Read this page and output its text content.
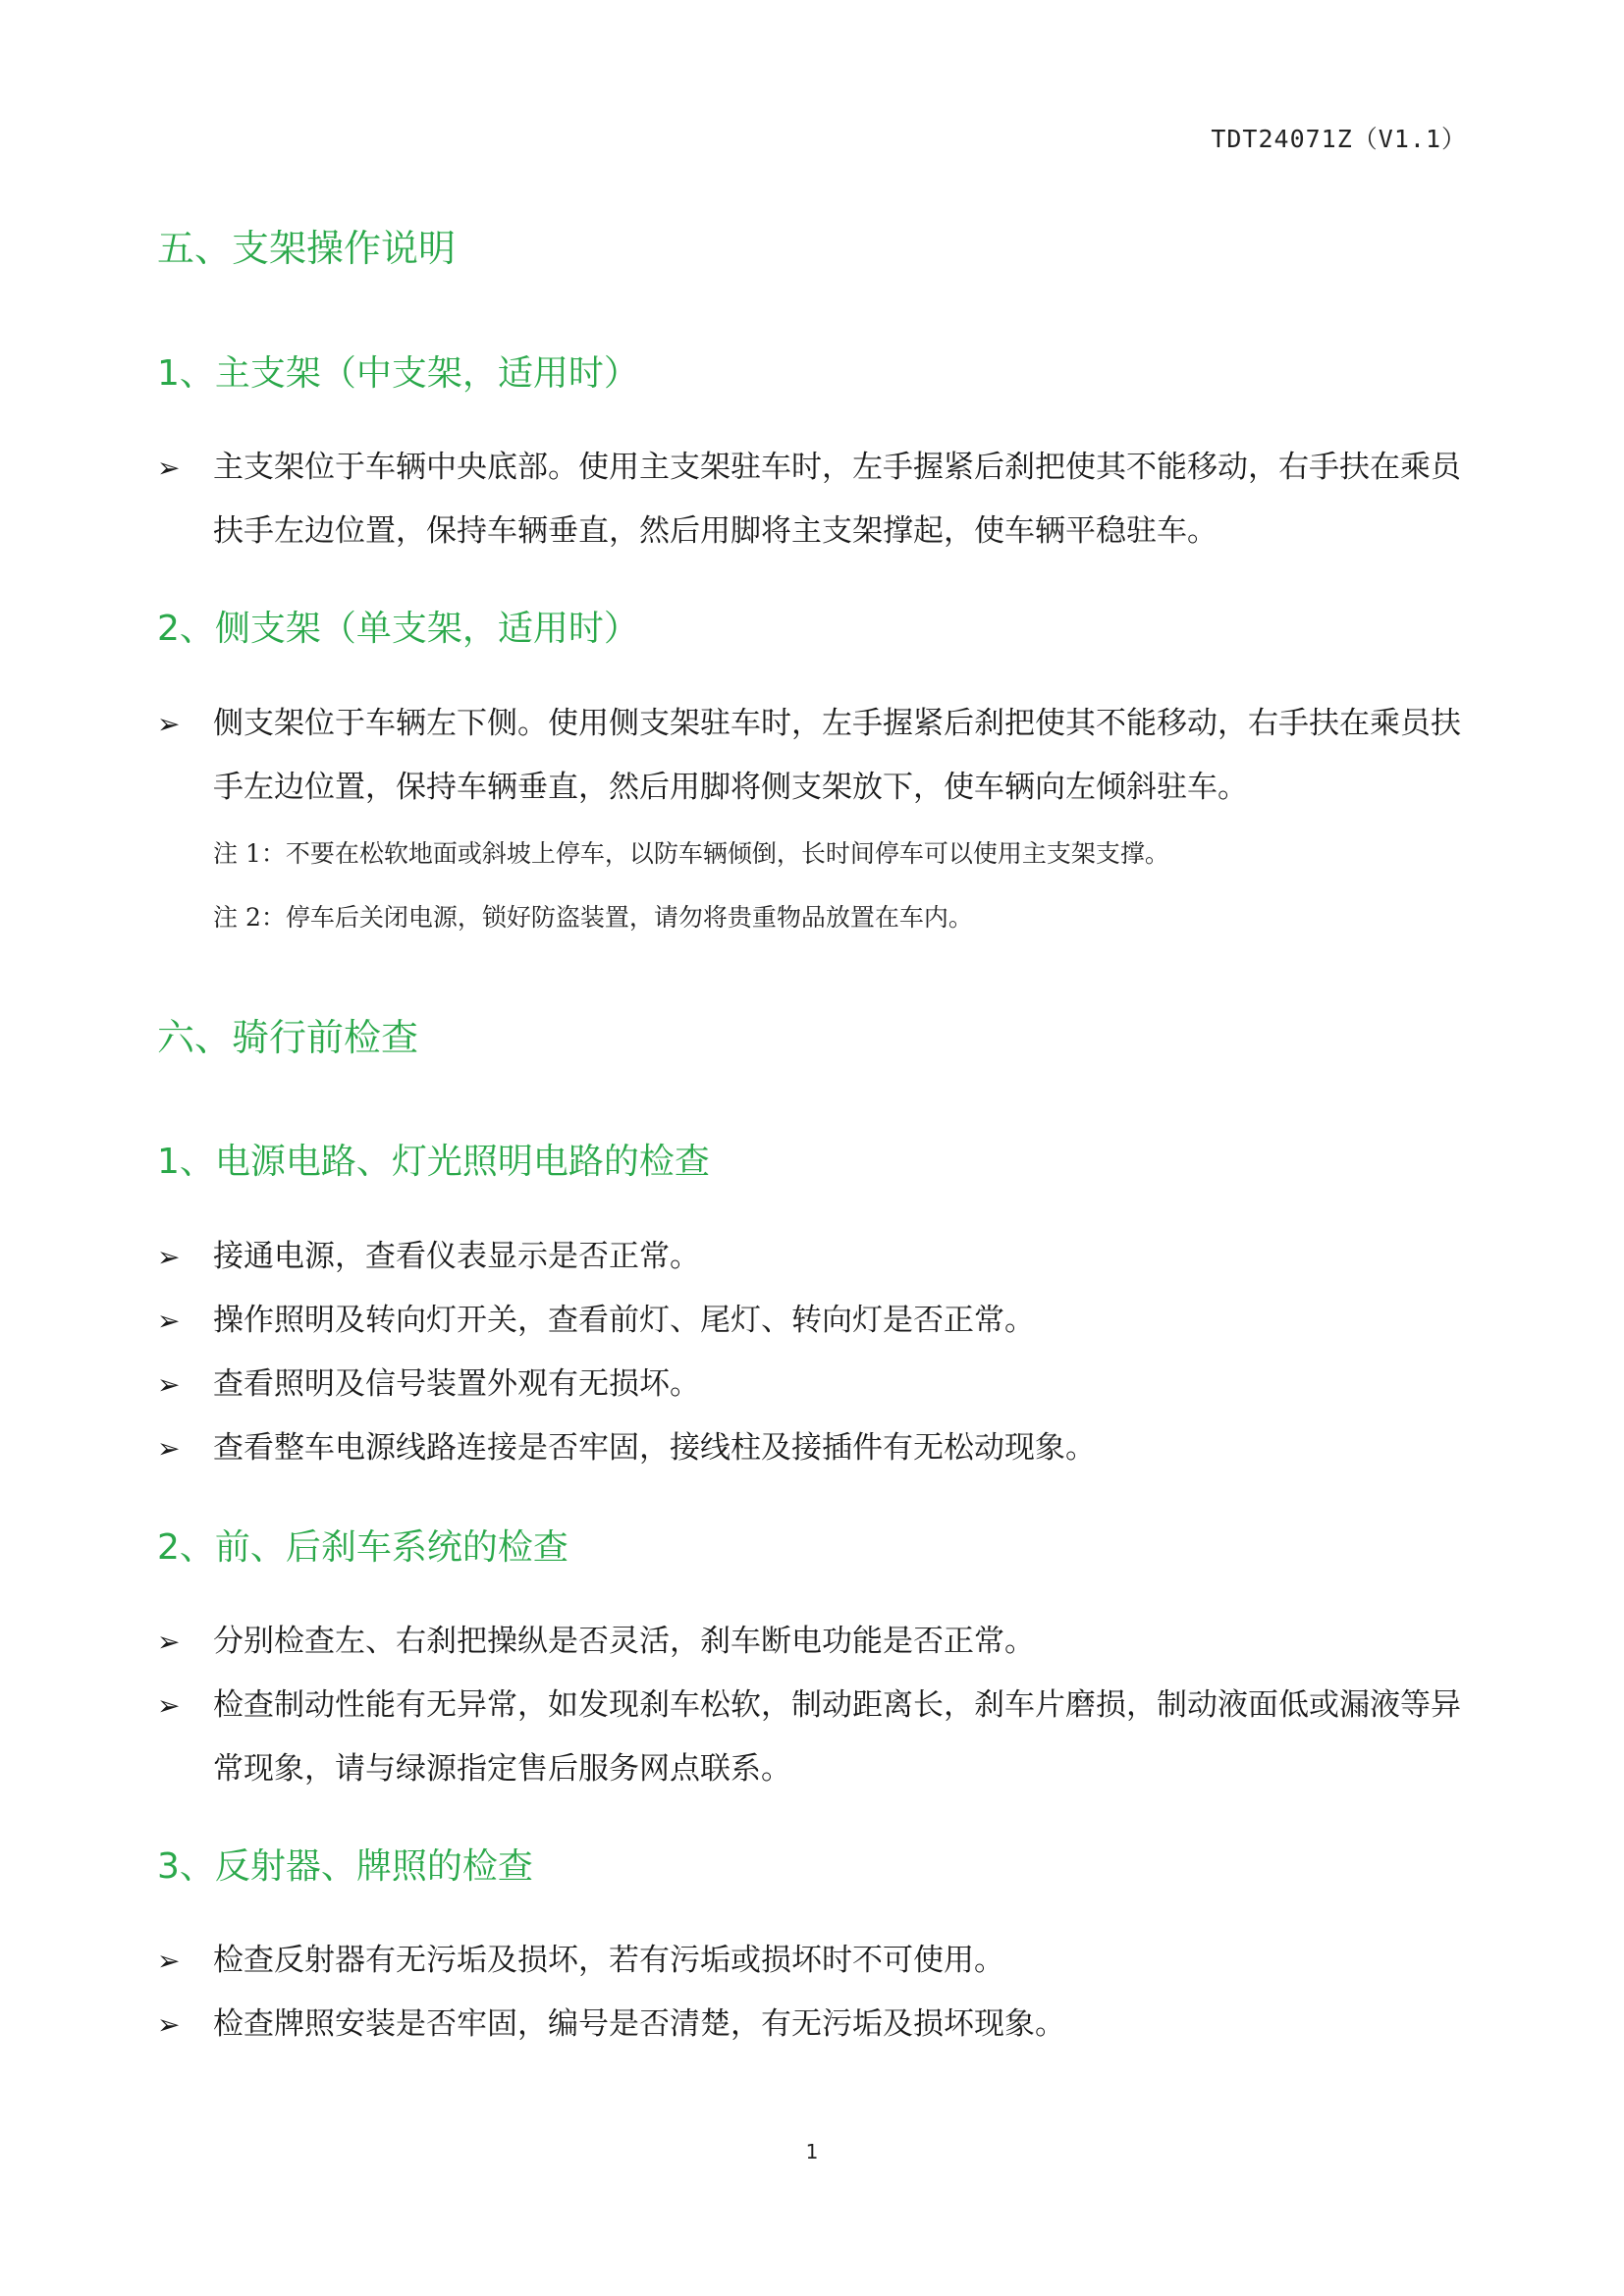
TDT24071Z（V1.1）
五、支架操作说明
1、主支架（中支架，适用时）

➢ 主支架位于车辆中央底部。使用主支架驻车时，左手握紧后刹把使其不能移动，右手扶在乘员扶手左边位置，保持车辆垂直，然后用脚将主支架撑起，使车辆平稳驻车。

2、侧支架（单支架，适用时）

➢ 侧支架位于车辆左下侧。使用侧支架驻车时，左手握紧后刹把使其不能移动，右手扶在乘员扶手左边位置，保持车辆垂直，然后用脚将侧支架放下，使车辆向左倾斜驻车。

注 1：不要在松软地面或斜坡上停车，以防车辆倾倒，长时间停车可以使用主支架支撑。

注 2：停车后关闭电源，锁好防盗装置，请勿将贵重物品放置在车内。

六、骑行前检查
1、电源电路、灯光照明电路的检查

➢ 接通电源，查看仪表显示是否正常。

➢ 操作照明及转向灯开关，查看前灯、尾灯、转向灯是否正常。

➢ 查看照明及信号装置外观有无损坏。

➢ 查看整车电源线路连接是否牢固，接线柱及接插件有无松动现象。

2、前、后刹车系统的检查

➢ 分别检查左、右刹把操纵是否灵活，刹车断电功能是否正常。

➢ 检查制动性能有无异常，如发现刹车松软，制动距离长，刹车片磨损，制动液面低或漏液等异常现象，请与绿源指定售后服务网点联系。

3、反射器、牌照的检查

➢ 检查反射器有无污垢及损坏，若有污垢或损坏时不可使用。

➢ 检查牌照安装是否牢固，编号是否清楚，有无污垢及损坏现象。

1
